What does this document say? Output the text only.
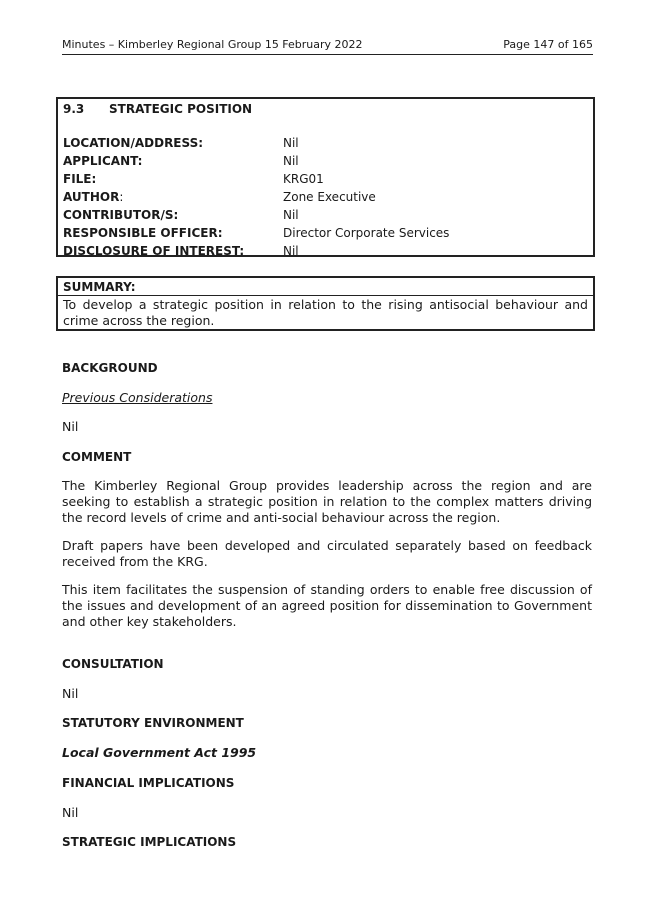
Minutes – Kimberley Regional Group 15 February 2022	Page 147 of 165
9.3 STRATEGIC POSITION
LOCATION/ADDRESS:	Nil
APPLICANT:	Nil
FILE:	KRG01
AUTHOR:	Zone Executive
CONTRIBUTOR/S:	Nil
RESPONSIBLE OFFICER:	Director Corporate Services
DISCLOSURE OF INTEREST:	Nil
SUMMARY:
To develop a strategic position in relation to the rising antisocial behaviour and crime across the region.
BACKGROUND
Previous Considerations
Nil
COMMENT
The Kimberley Regional Group provides leadership across the region and are seeking to establish a strategic position in relation to the complex matters driving the record levels of crime and anti-social behaviour across the region.
Draft papers have been developed and circulated separately based on feedback received from the KRG.
This item facilitates the suspension of standing orders to enable free discussion of the issues and development of an agreed position for dissemination to Government and other key stakeholders.
CONSULTATION
Nil
STATUTORY ENVIRONMENT
Local Government Act 1995
FINANCIAL IMPLICATIONS
Nil
STRATEGIC IMPLICATIONS
